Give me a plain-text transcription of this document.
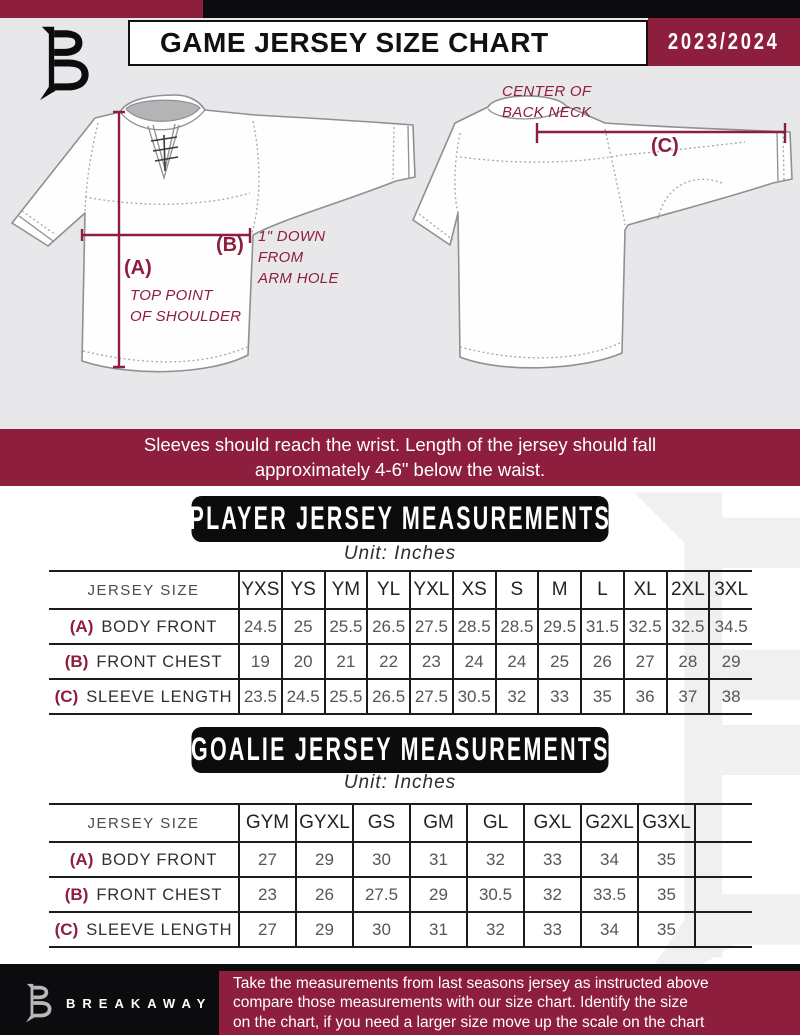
GAME JERSEY SIZE CHART	2023/2024
CENTER OF
BACK NECK
(C)
(B) 1" DOWN
FROM
ARM HOLE
(A)
TOP POINT
OF SHOULDER
Sleeves should reach the wrist. Length of the jersey should fall
approximately 4-6" below the waist.
PLAYER JERSEY MEASUREMENTS
Unit: Inches
JERSEY SIZE	YXS	YS	YM	YL	YXL	XS	S	M	L	XL	2XL	3XL
(A) BODY FRONT	24.5	25	25.5	26.5	27.5	28.5	28.5	29.5	31.5	32.5	32.5	34.5
(B) FRONT CHEST	19	20	21	22	23	24	24	25	26	27	28	29
(C) SLEEVE LENGTH	23.5	24.5	25.5	26.5	27.5	30.5	32	33	35	36	37	38
GOALIE JERSEY MEASUREMENTS
Unit: Inches
JERSEY SIZE	GYM	GYXL	GS	GM	GL	GXL	G2XL	G3XL	
(A) BODY FRONT	27	29	30	31	32	33	34	35	
(B) FRONT CHEST	23	26	27.5	29	30.5	32	33.5	35	
(C) SLEEVE LENGTH	27	29	30	31	32	33	34	35	
BREAKAWAY
Take the measurements from last seasons jersey as instructed above
compare those measurements with our size chart. Identify the size
on the chart, if you need a larger size move up the scale on the chart
